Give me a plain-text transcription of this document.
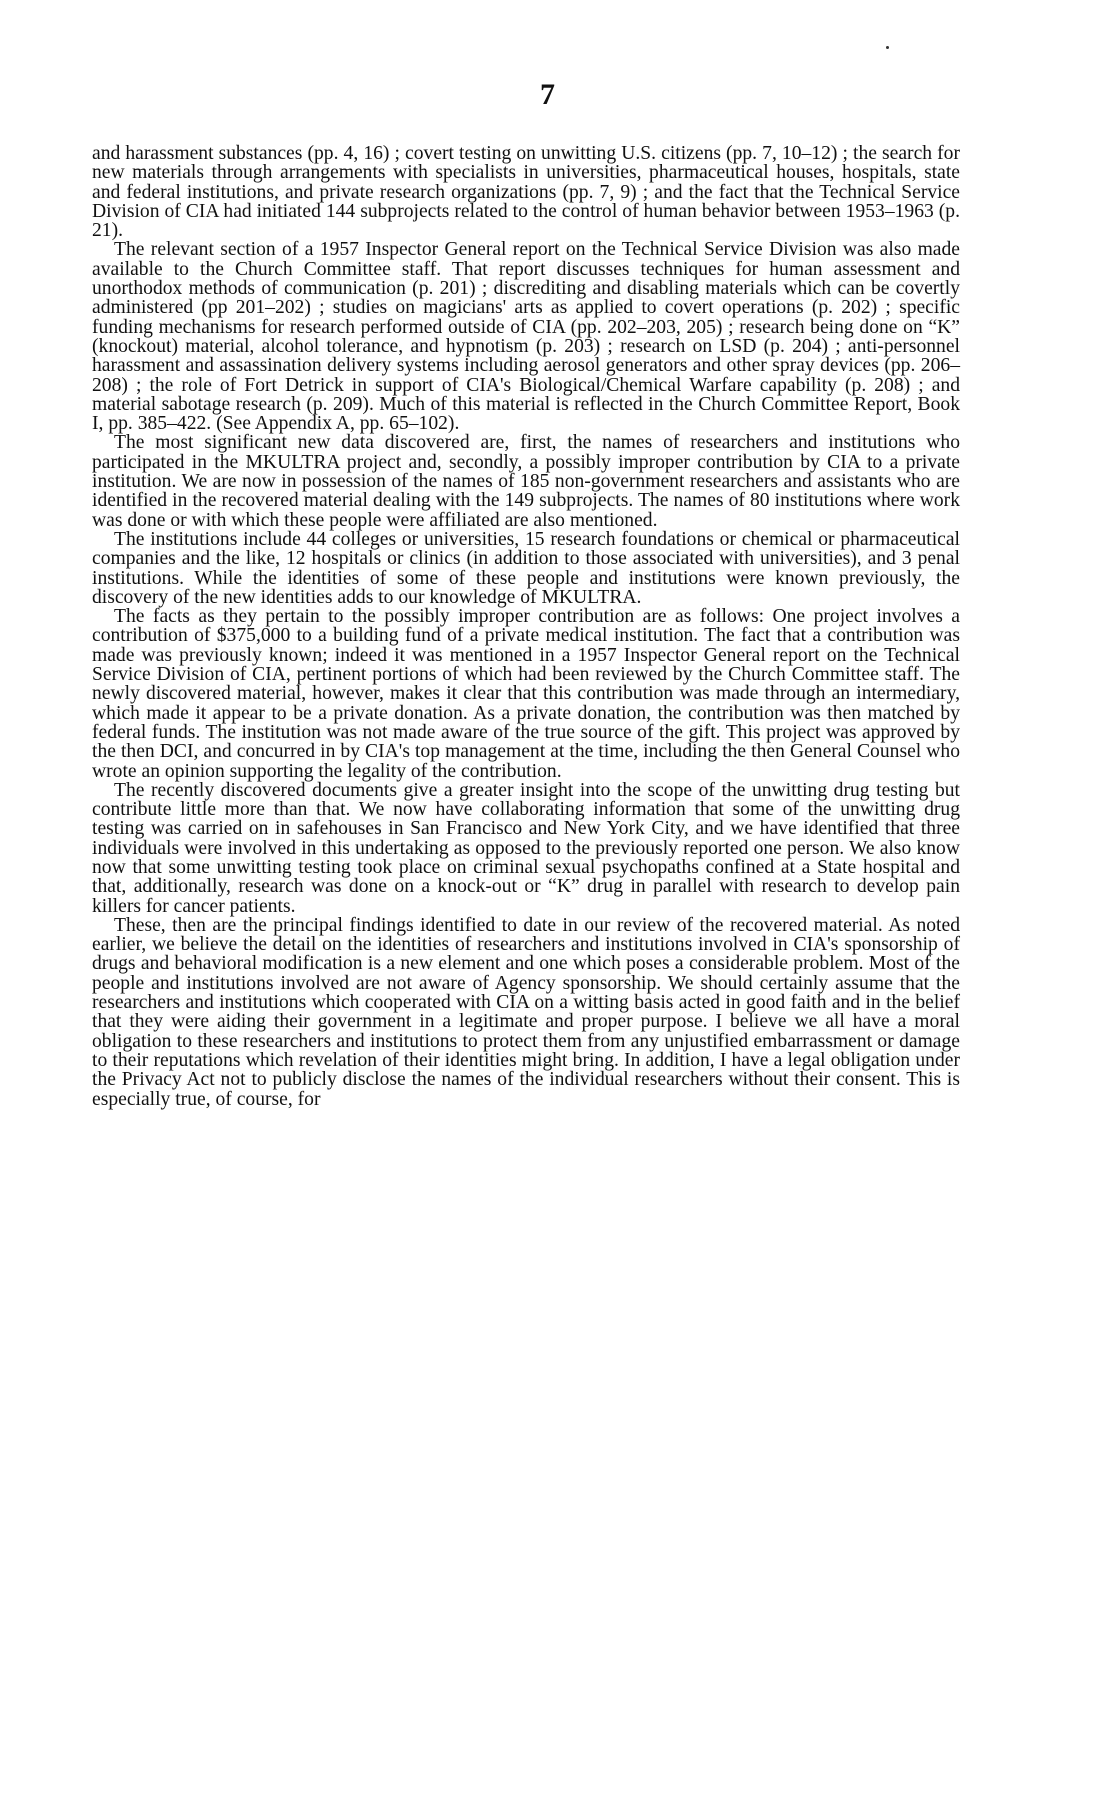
7

and harassment substances (pp. 4, 16) ; covert testing on unwitting U.S. citizens (pp. 7, 10–12) ; the search for new materials through arrangements with specialists in universities, pharmaceutical houses, hospitals, state and federal institutions, and private research organizations (pp. 7, 9) ; and the fact that the Technical Service Division of CIA had initiated 144 subprojects related to the control of human behavior between 1953–1963 (p. 21).

The relevant section of a 1957 Inspector General report on the Technical Service Division was also made available to the Church Committee staff. That report discusses techniques for human assessment and unorthodox methods of communication (p. 201) ; discrediting and disabling materials which can be covertly administered (pp 201–202) ; studies on magicians' arts as applied to covert operations (p. 202) ; specific funding mechanisms for research performed outside of CIA (pp. 202–203, 205) ; research being done on “K” (knockout) material, alcohol tolerance, and hypnotism (p. 203) ; research on LSD (p. 204) ; anti-personnel harassment and assassination delivery systems including aerosol generators and other spray devices (pp. 206–208) ; the role of Fort Detrick in support of CIA's Biological/Chemical Warfare capability (p. 208) ; and material sabotage research (p. 209). Much of this material is reflected in the Church Committee Report, Book I, pp. 385–422. (See Appendix A, pp. 65–102).

The most significant new data discovered are, first, the names of researchers and institutions who participated in the MKULTRA project and, secondly, a possibly improper contribution by CIA to a private institution. We are now in possession of the names of 185 non-government researchers and assistants who are identified in the recovered material dealing with the 149 subprojects. The names of 80 institutions where work was done or with which these people were affiliated are also mentioned.

The institutions include 44 colleges or universities, 15 research foundations or chemical or pharmaceutical companies and the like, 12 hospitals or clinics (in addition to those associated with universities), and 3 penal institutions. While the identities of some of these people and institutions were known previously, the discovery of the new identities adds to our knowledge of MKULTRA.

The facts as they pertain to the possibly improper contribution are as follows: One project involves a contribution of $375,000 to a building fund of a private medical institution. The fact that a contribution was made was previously known; indeed it was mentioned in a 1957 Inspector General report on the Technical Service Division of CIA, pertinent portions of which had been reviewed by the Church Committee staff. The newly discovered material, however, makes it clear that this contribution was made through an intermediary, which made it appear to be a private donation. As a private donation, the contribution was then matched by federal funds. The institution was not made aware of the true source of the gift. This project was approved by the then DCI, and concurred in by CIA's top management at the time, including the then General Counsel who wrote an opinion supporting the legality of the contribution.

The recently discovered documents give a greater insight into the scope of the unwitting drug testing but contribute little more than that. We now have collaborating information that some of the unwitting drug testing was carried on in safehouses in San Francisco and New York City, and we have identified that three individuals were involved in this undertaking as opposed to the previously reported one person. We also know now that some unwitting testing took place on criminal sexual psychopaths confined at a State hospital and that, additionally, research was done on a knock-out or “K” drug in parallel with research to develop pain killers for cancer patients.

These, then are the principal findings identified to date in our review of the recovered material. As noted earlier, we believe the detail on the identities of researchers and institutions involved in CIA's sponsorship of drugs and behavioral modification is a new element and one which poses a considerable problem. Most of the people and institutions involved are not aware of Agency sponsorship. We should certainly assume that the researchers and institutions which cooperated with CIA on a witting basis acted in good faith and in the belief that they were aiding their government in a legitimate and proper purpose. I believe we all have a moral obligation to these researchers and institutions to protect them from any unjustified embarrassment or damage to their reputations which revelation of their identities might bring. In addition, I have a legal obligation under the Privacy Act not to publicly disclose the names of the individual researchers without their consent. This is especially true, of course, for
